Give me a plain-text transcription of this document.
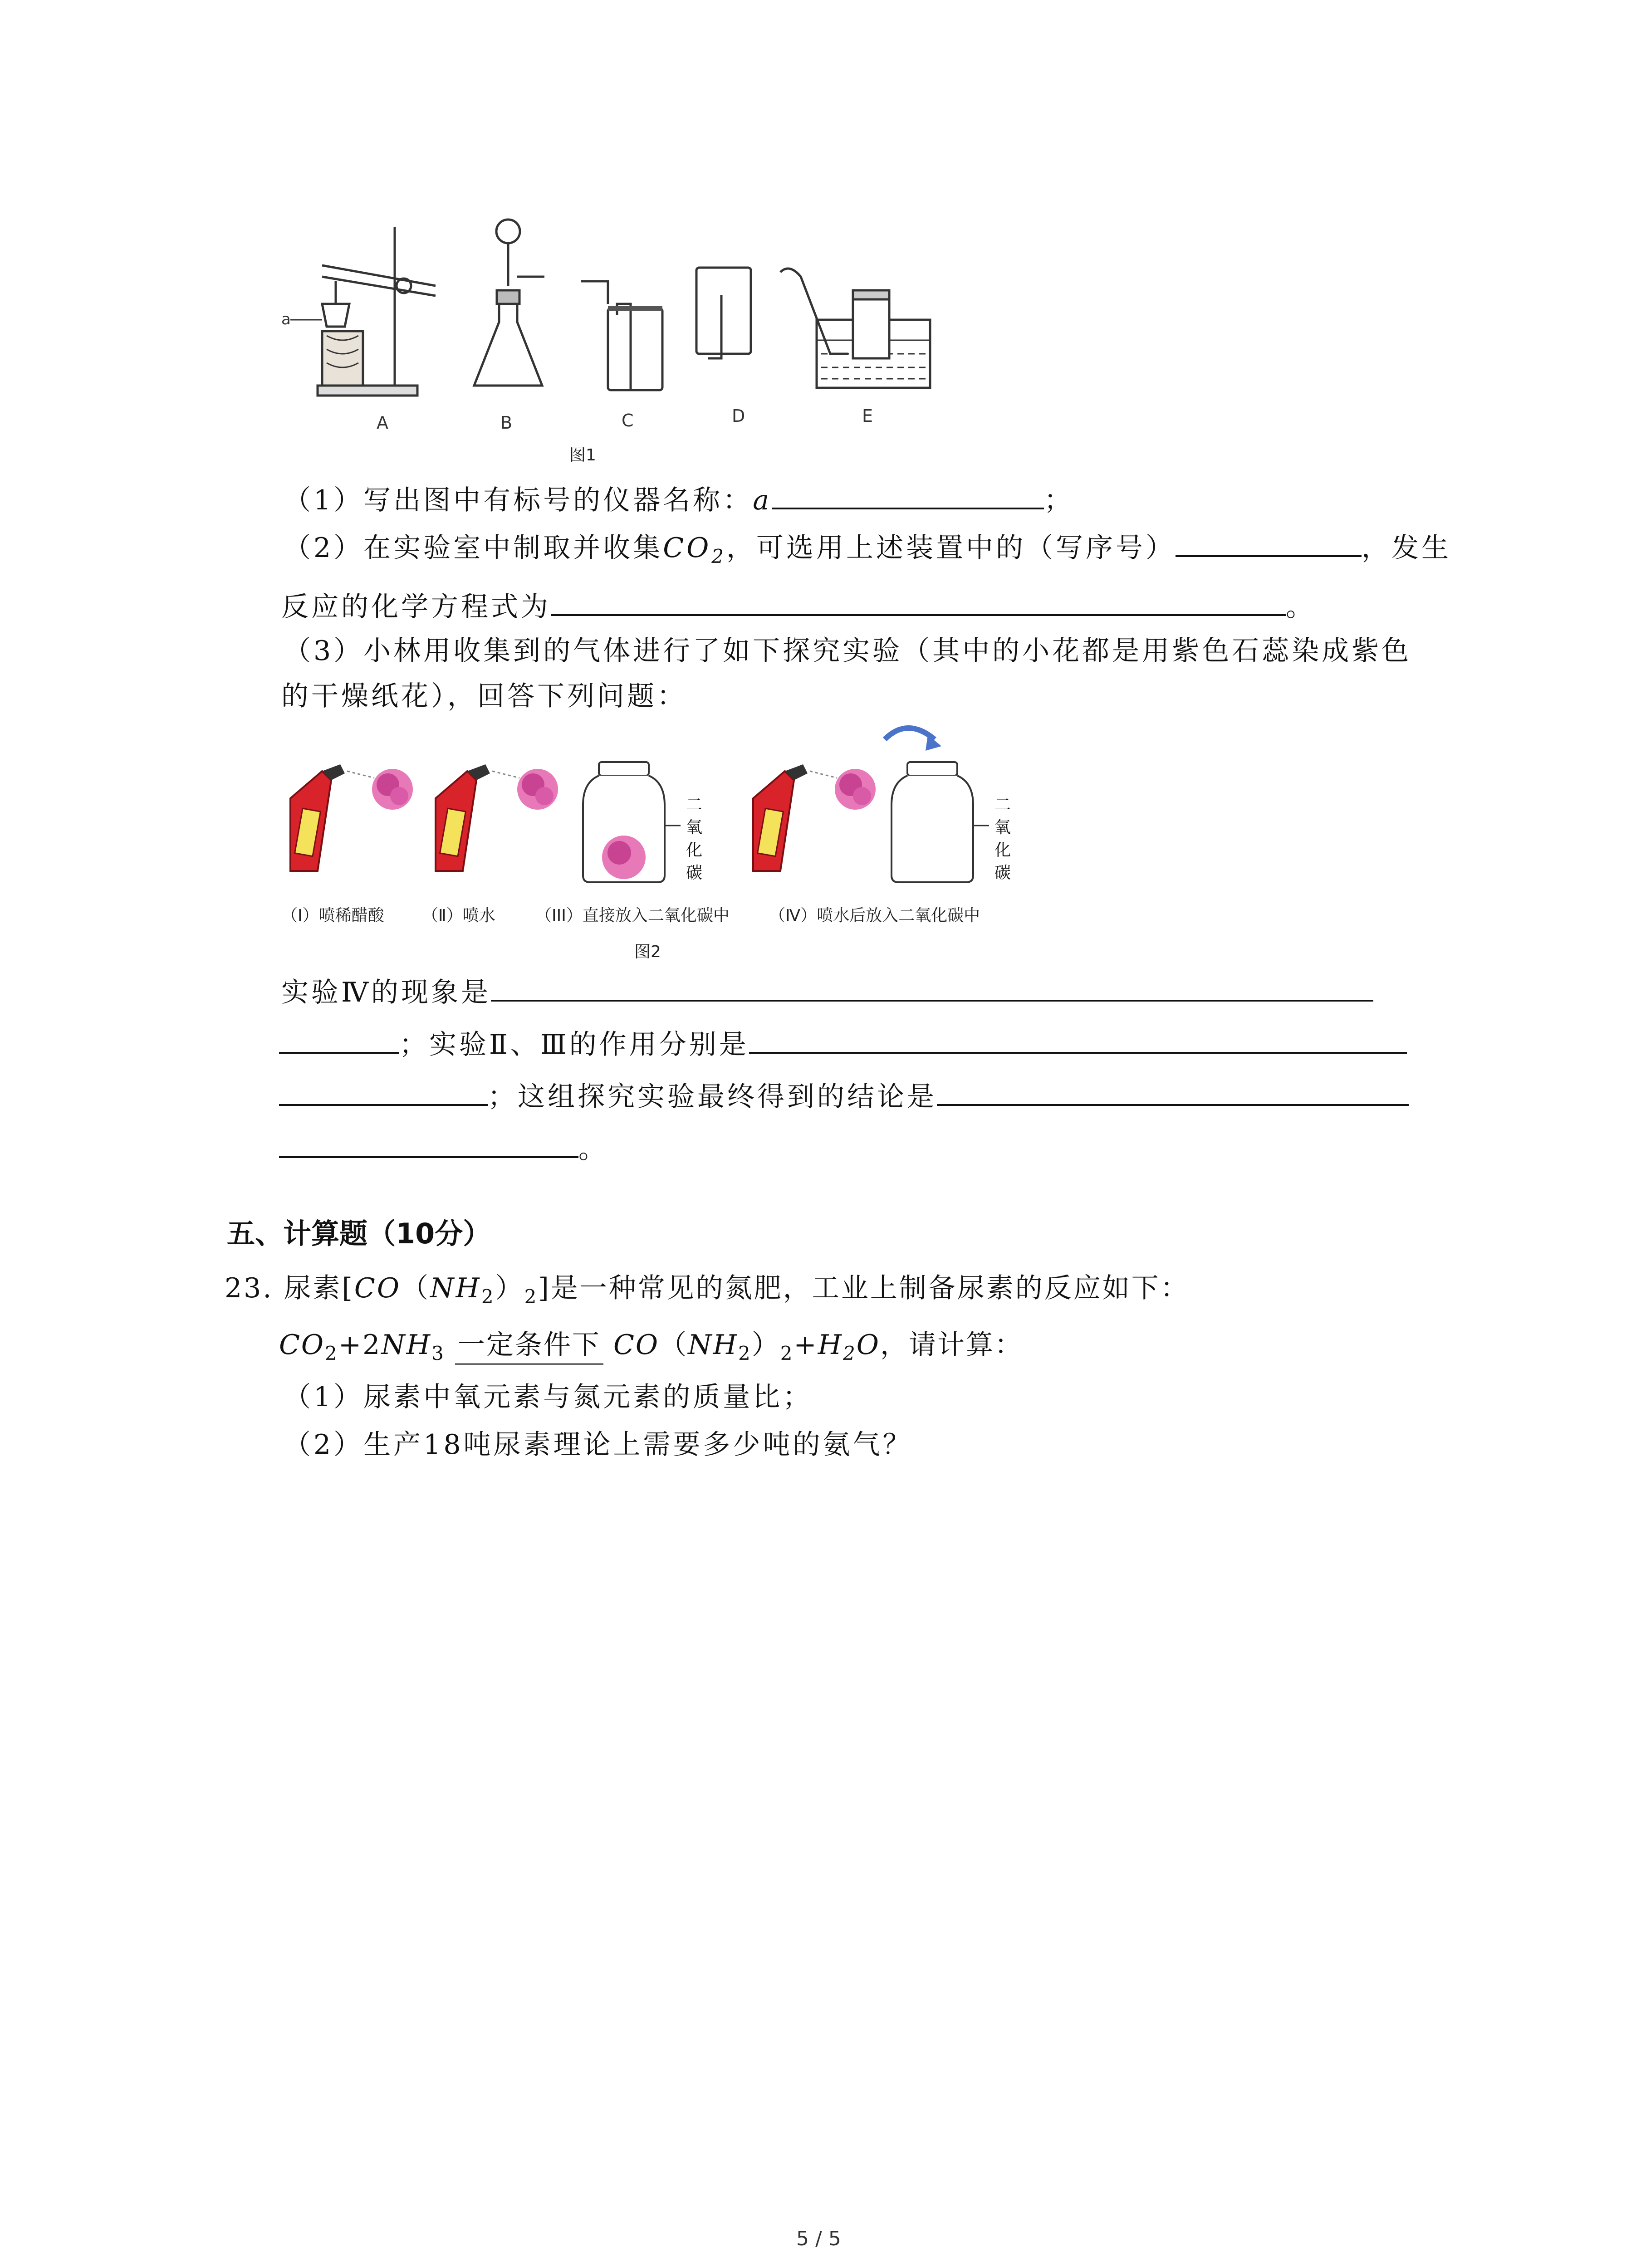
a
A	B	C	D	E
图1
（1）写出图中有标号的仪器名称：a	；
（2）在实验室中制取并收集$CO_2$，可选用上述装置中的（写序号）	，发生
反应的化学方程式为	。
（3）小林用收集到的气体进行了如下探究实验（其中的小花都是用紫色石蕊染成紫色
的干燥纸花），回答下列问题：
二
氧
化
碳
二
氧
化
碳
（I）喷稀醋酸 （Ⅱ）喷水 （III）直接放入二氧化碳中 （Ⅳ）喷水后放入二氧化碳中
图2
实验Ⅳ的现象是
；实验Ⅱ、Ⅲ的作用分别是
；这组探究实验最终得到的结论是
。
五、计算题（10分）
23. 尿素$[CO(NH_2)_2]$是一种常见的氮肥，工业上制备尿素的反应如下：
$CO_2+2NH_3$ 一定条件下 $CO(NH_2)_2+H_2O$，请计算：
（1）尿素中氧元素与氮元素的质量比；
（2）生产18吨尿素理论上需要多少吨的氨气？
5 / 5
